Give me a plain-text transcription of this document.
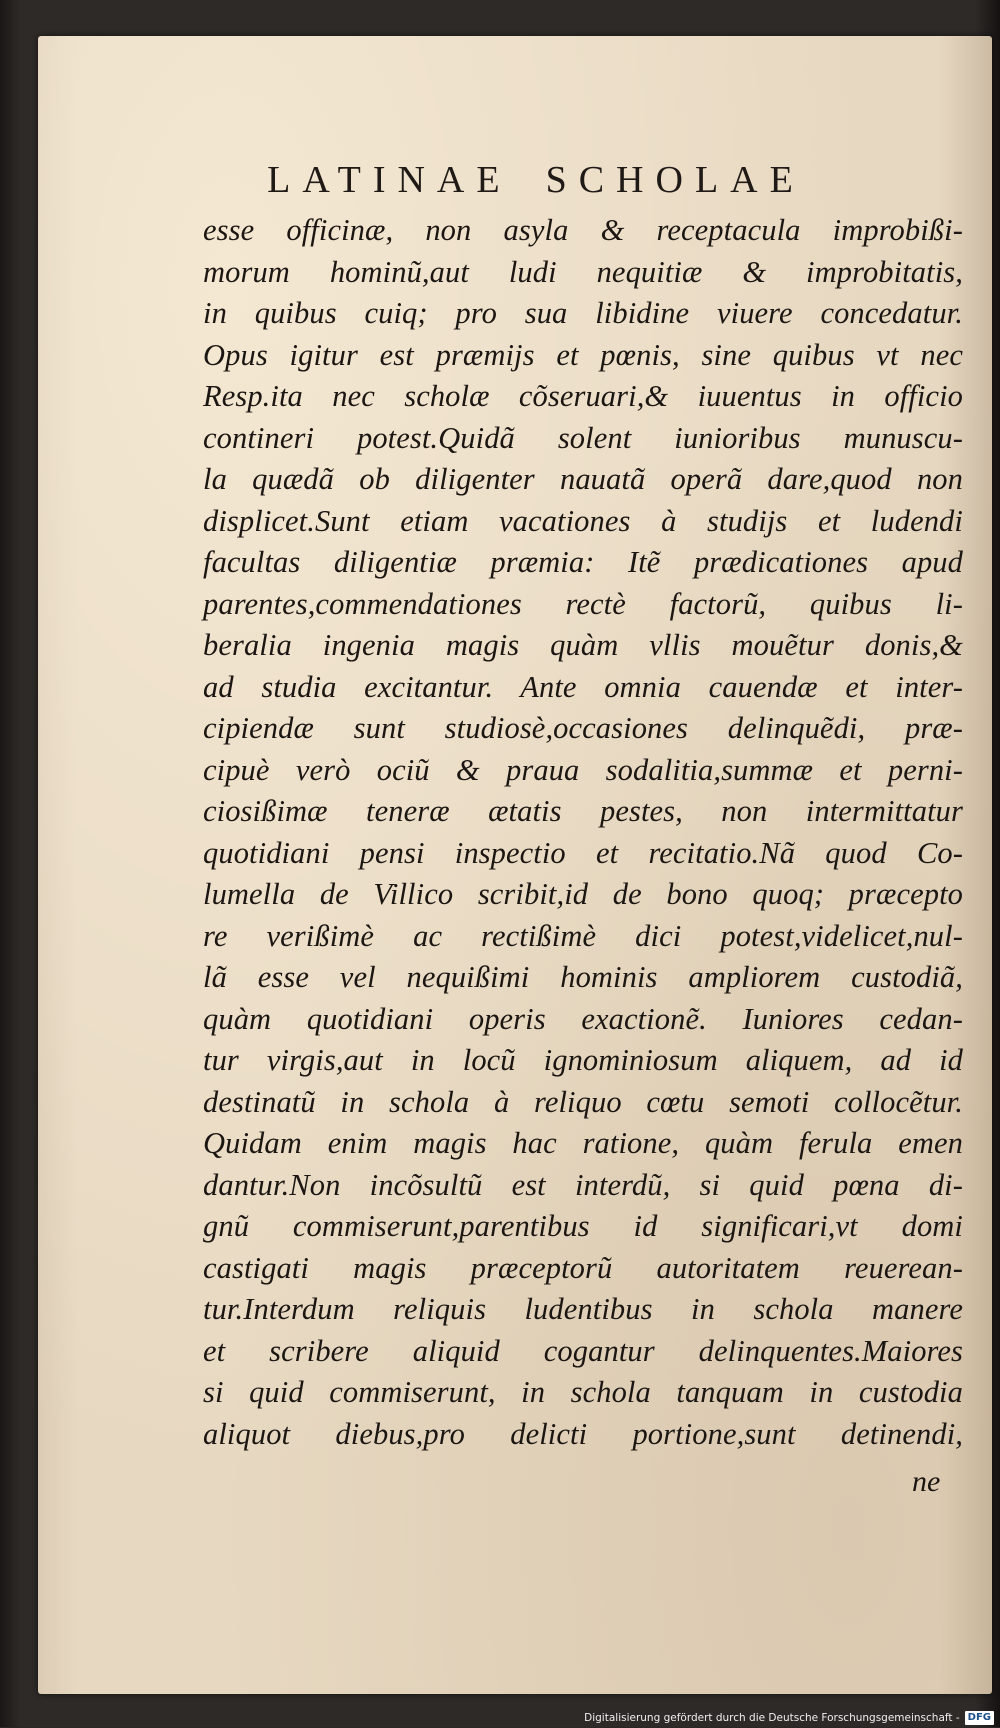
LATINAE SCHOLAE
esse officinæ, non asyla & receptacula improbißi-
morum hominũ,aut ludi nequitiæ & improbitatis,
in quibus cuiq; pro sua libidine viuere concedatur.
Opus igitur est præmijs et pœnis, sine quibus vt nec
Resp.ita nec scholæ cõseruari,& iuuentus in officio
contineri potest.Quidã solent iunioribus munuscu-
la quædã ob diligenter nauatã operã dare,quod non
displicet.Sunt etiam vacationes à studijs et ludendi
facultas diligentiæ præmia: Itẽ prædicationes apud
parentes,commendationes rectè factorũ, quibus li-
beralia ingenia magis quàm vllis mouẽtur donis,&
ad studia excitantur. Ante omnia cauendæ et inter-
cipiendæ sunt studiosè,occasiones delinquẽdi, præ-
cipuè verò ociũ & praua sodalitia,summæ et perni-
ciosißimæ teneræ ætatis pestes, non intermittatur
quotidiani pensi inspectio et recitatio.Nã quod Co-
lumella de Villico scribit,id de bono quoq; præcepto
re verißimè ac rectißimè dici potest,videlicet,nul-
lã esse vel nequißimi hominis ampliorem custodiã,
quàm quotidiani operis exactionẽ. Iuniores cedan-
tur virgis,aut in locũ ignominiosum aliquem, ad id
destinatũ in schola à reliquo cœtu semoti collocẽtur.
Quidam enim magis hac ratione, quàm ferula emen
dantur.Non incõsultũ est interdũ, si quid pœna di-
gnũ commiserunt,parentibus id significari,vt domi
castigati magis præceptorũ autoritatem reuerean-
tur.Interdum reliquis ludentibus in schola manere
et scribere aliquid cogantur delinquentes.Maiores
si quid commiserunt, in schola tanquam in custodia
aliquot diebus,pro delicti portione,sunt detinendi,
ne
Digitalisierung gefördert durch die Deutsche Forschungsgemeinschaft - DFG
